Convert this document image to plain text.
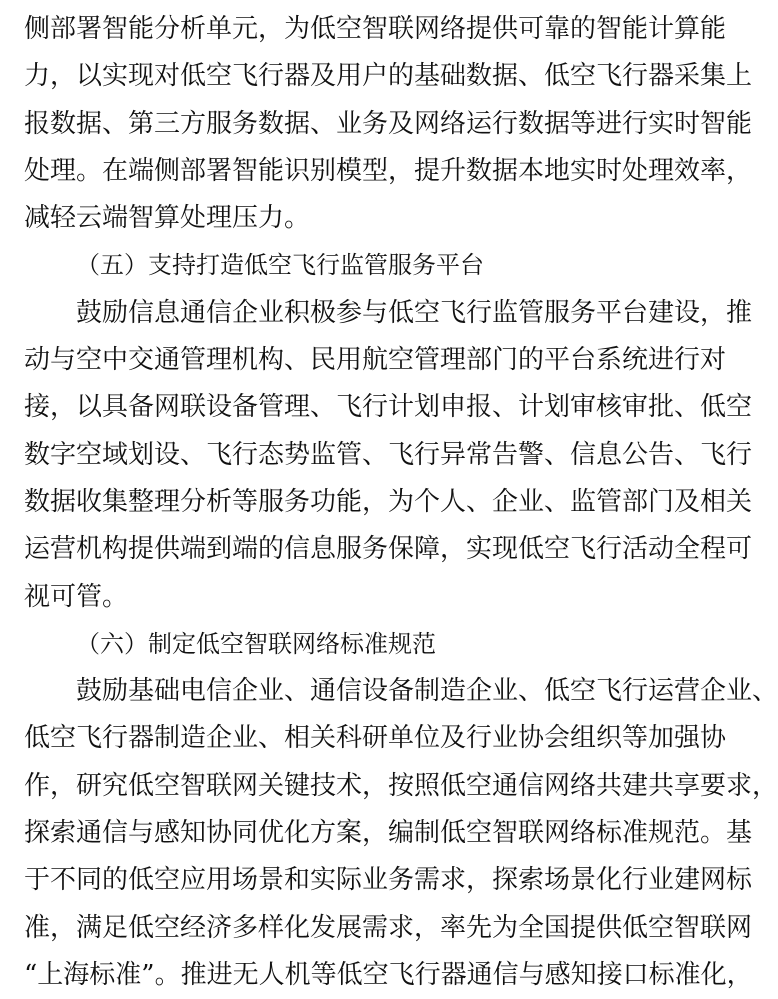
侧部署智能分析单元，为低空智联网络提供可靠的智能计算能
力，以实现对低空飞行器及用户的基础数据、低空飞行器采集上
报数据、第三方服务数据、业务及网络运行数据等进行实时智能
处理。在端侧部署智能识别模型，提升数据本地实时处理效率，
减轻云端智算处理压力。
（五）支持打造低空飞行监管服务平台
鼓励信息通信企业积极参与低空飞行监管服务平台建设，推
动与空中交通管理机构、民用航空管理部门的平台系统进行对
接，以具备网联设备管理、飞行计划申报、计划审核审批、低空
数字空域划设、飞行态势监管、飞行异常告警、信息公告、飞行
数据收集整理分析等服务功能，为个人、企业、监管部门及相关
运营机构提供端到端的信息服务保障，实现低空飞行活动全程可
视可管。
（六）制定低空智联网络标准规范
鼓励基础电信企业、通信设备制造企业、低空飞行运营企业、
低空飞行器制造企业、相关科研单位及行业协会组织等加强协
作，研究低空智联网关键技术，按照低空通信网络共建共享要求，
探索通信与感知协同优化方案，编制低空智联网络标准规范。基
于不同的低空应用场景和实际业务需求，探索场景化行业建网标
准，满足低空经济多样化发展需求，率先为全国提供低空智联网
“上海标准”。推进无人机等低空飞行器通信与感知接口标准化，
